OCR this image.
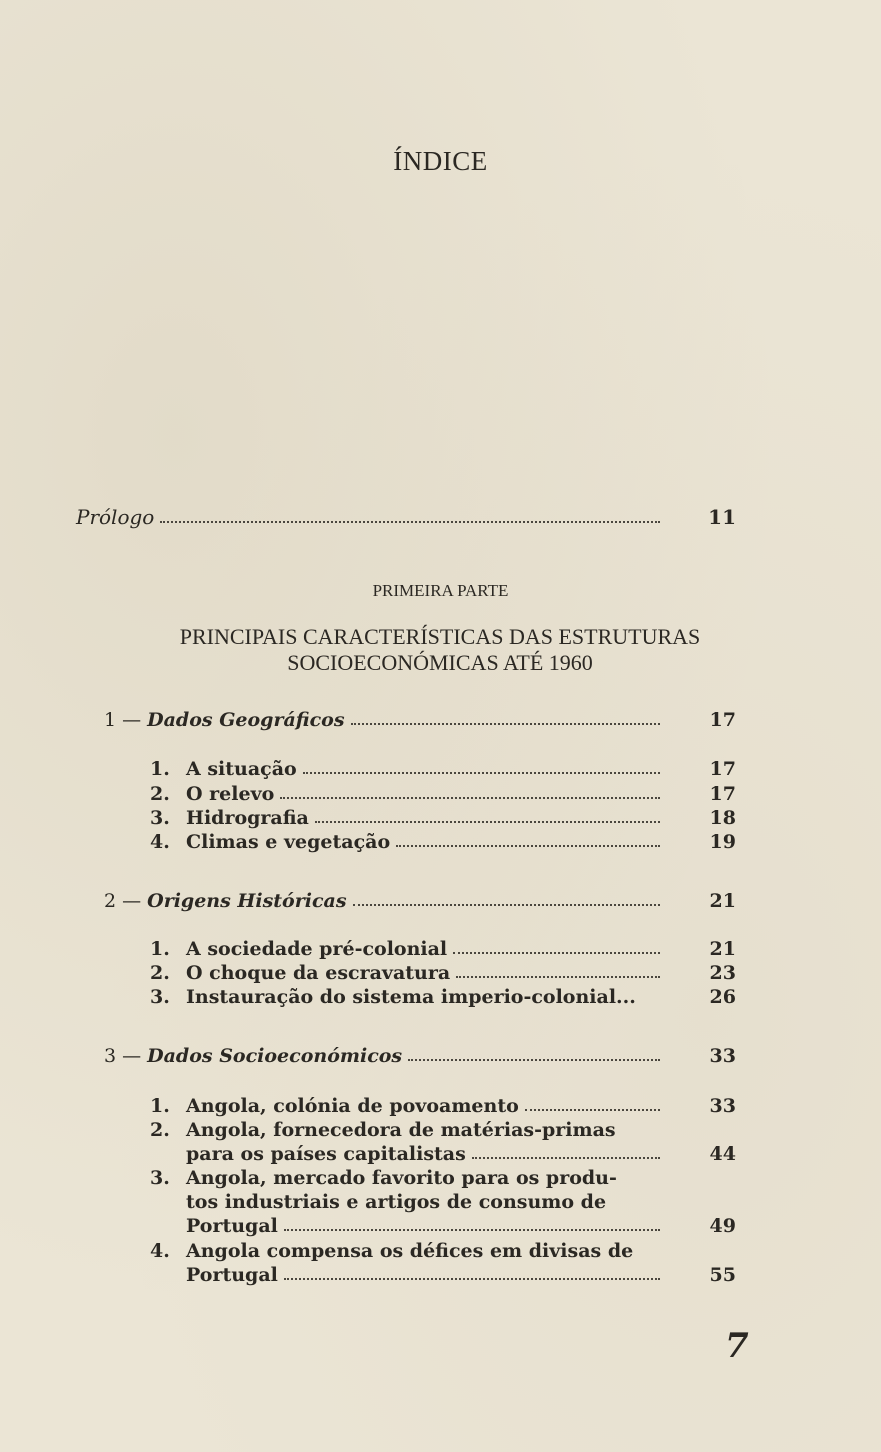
ÍNDICE
Prólogo	11
PRIMEIRA PARTE
PRINCIPAIS CARACTERÍSTICAS DAS ESTRUTURAS
SOCIOECONÓMICAS ATÉ 1960
1 — Dados Geográficos	17
1. A situação	17
2. O relevo	17
3. Hidrografia	18
4. Climas e vegetação	19
2 — Origens Históricas	21
1. A sociedade pré-colonial	21
2. O choque da escravatura	23
3. Instauração do sistema imperio-colonial...	26
3 — Dados Socioeconómicos	33
1. Angola, colónia de povoamento	33
2. Angola, fornecedora de matérias-primas
para os países capitalistas	44
3. Angola, mercado favorito para os produ-
tos industriais e artigos de consumo de
Portugal	49
4. Angola compensa os défices em divisas de
Portugal	55
7
